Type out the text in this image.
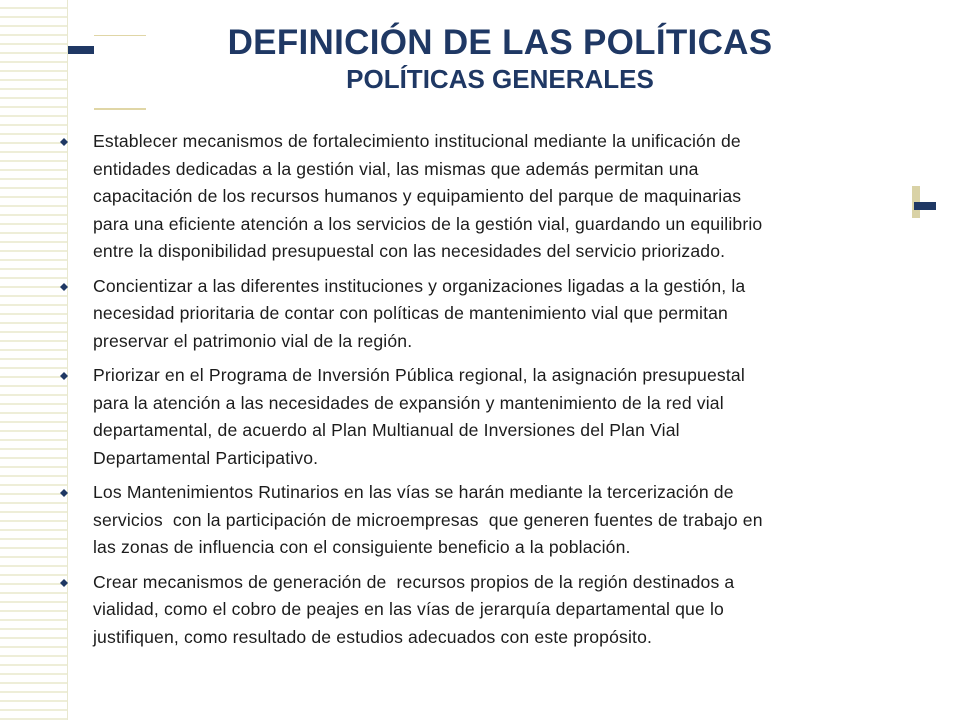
DEFINICIÓN DE LAS POLÍTICAS
POLÍTICAS GENERALES
Establecer mecanismos de fortalecimiento institucional mediante la unificación de
entidades dedicadas a la gestión vial, las mismas que además permitan una
capacitación de los recursos humanos y equipamiento del parque de maquinarias
para una eficiente atención a los servicios de la gestión vial, guardando un equilibrio
entre la disponibilidad presupuestal con las necesidades del servicio priorizado.
Concientizar a las diferentes instituciones y organizaciones ligadas a la gestión, la
necesidad prioritaria de contar con políticas de mantenimiento vial que permitan
preservar el patrimonio vial de la región.
Priorizar en el Programa de Inversión Pública regional, la asignación presupuestal
para la atención a las necesidades de expansión y mantenimiento de la red vial
departamental, de acuerdo al Plan Multianual de Inversiones del Plan Vial
Departamental Participativo.
Los Mantenimientos Rutinarios en las vías se harán mediante la tercerización de
servicios  con la participación de microempresas  que generen fuentes de trabajo en
las zonas de influencia con el consiguiente beneficio a la población.
Crear mecanismos de generación de  recursos propios de la región destinados a
vialidad, como el cobro de peajes en las vías de jerarquía departamental que lo
justifiquen, como resultado de estudios adecuados con este propósito.
